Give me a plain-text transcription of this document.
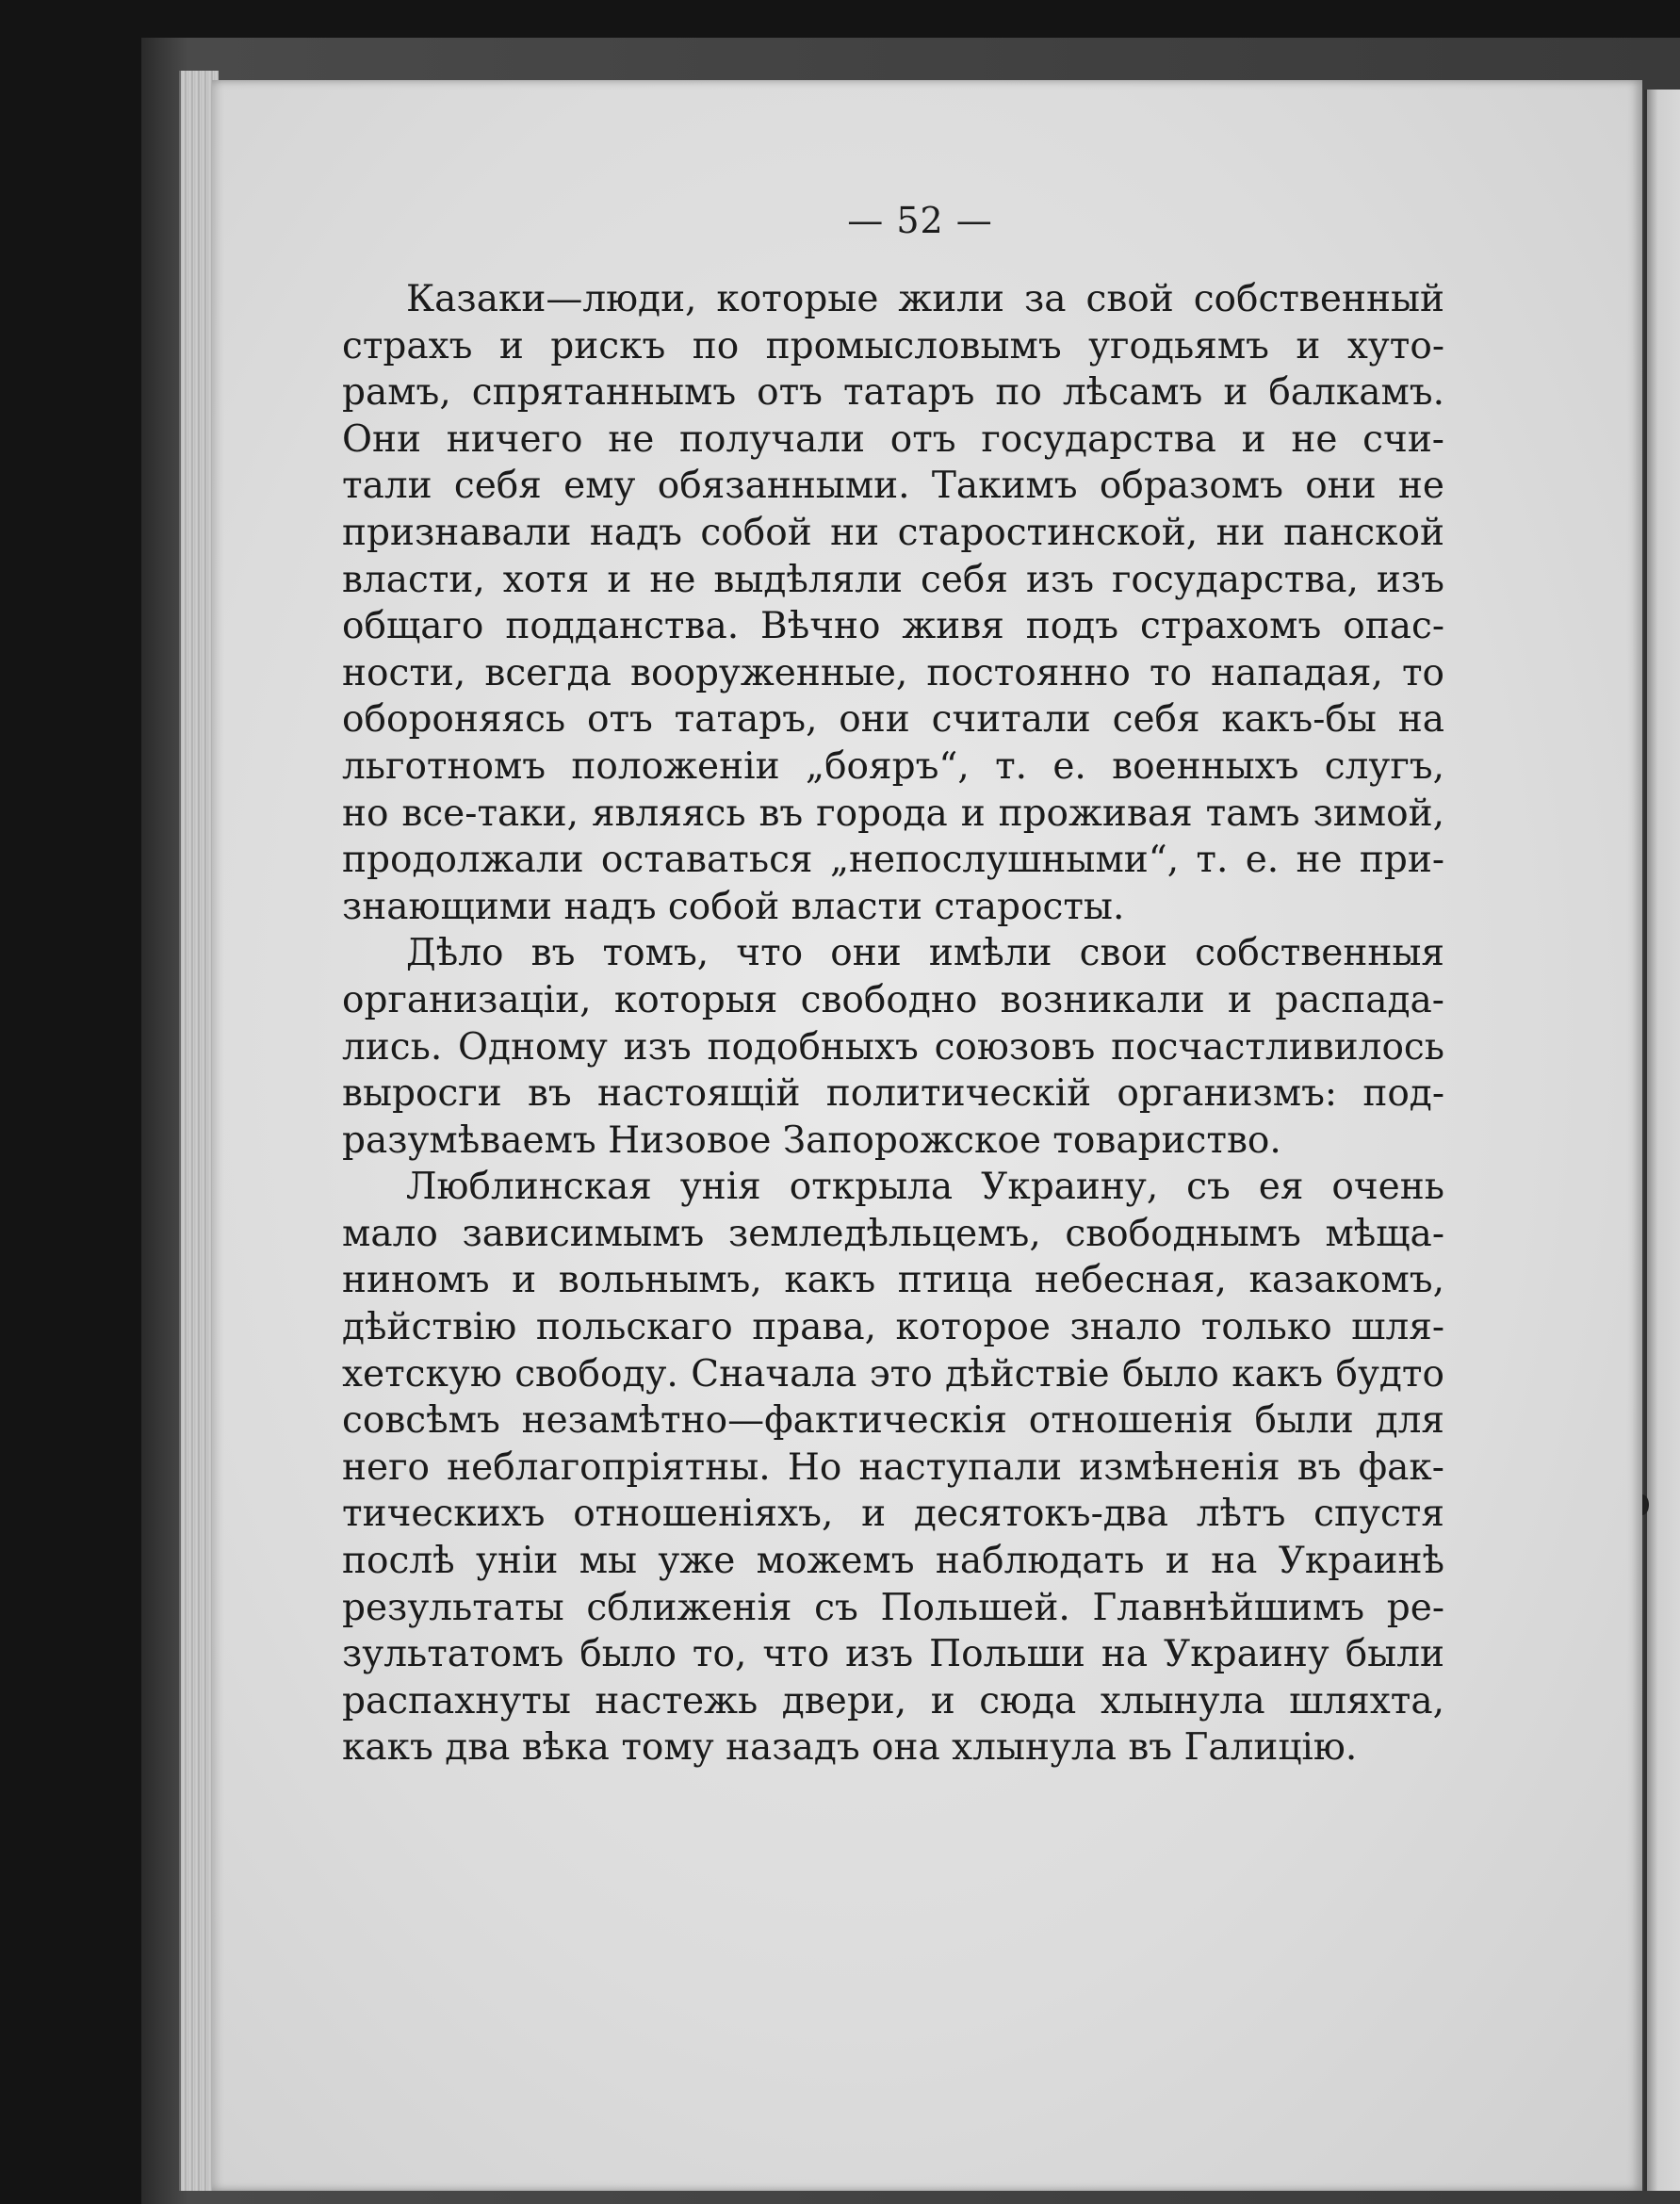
— 52 —

Казаки—люди, которые жили за свой собственный
страхъ и рискъ по промысловымъ угодьямъ и хуто-
рамъ, спрятаннымъ отъ татаръ по лѣсамъ и балкамъ.
Они ничего не получали отъ государства и не счи-
тали себя ему обязанными. Такимъ образомъ они не
признавали надъ собой ни старостинской, ни панской
власти, хотя и не выдѣляли себя изъ государства, изъ
общаго подданства. Вѣчно живя подъ страхомъ опас-
ности, всегда вооруженные, постоянно то нападая, то
обороняясь отъ татаръ, они считали себя какъ-бы на
льготномъ положенiи „бояръ“, т. е. военныхъ слугъ,
но все-таки, являясь въ города и проживая тамъ зимой,
продолжали оставаться „непослушными“, т. е. не при-
знающими надъ собой власти старосты.

Дѣло въ томъ, что они имѣли свои собственныя
организацiи, которыя свободно возникали и распада-
лись. Одному изъ подобныхъ союзовъ посчастливилось
выросги въ настоящiй политическiй организмъ: под-
разумѣваемъ Низовое Запорожское товариство.

Люблинская унiя открыла Украину, съ ея очень
мало зависимымъ земледѣльцемъ, свободнымъ мѣща-
ниномъ и вольнымъ, какъ птица небесная, казакомъ,
дѣйствiю польскаго права, которое знало только шля-
хетскую свободу. Сначала это дѣйствiе было какъ будто
совсѣмъ незамѣтно—фактическiя отношенiя были для
него неблагопрiятны. Но наступали измѣненiя въ фак-
тическихъ отношенiяхъ, и десятокъ-два лѣтъ спустя
послѣ унiи мы уже можемъ наблюдать и на Украинѣ
результаты сближенiя съ Польшей. Главнѣйшимъ ре-
зультатомъ было то, что изъ Польши на Украину были
распахнуты настежь двери, и сюда хлынула шляхта,
какъ два вѣка тому назадъ она хлынула въ Галицiю.
